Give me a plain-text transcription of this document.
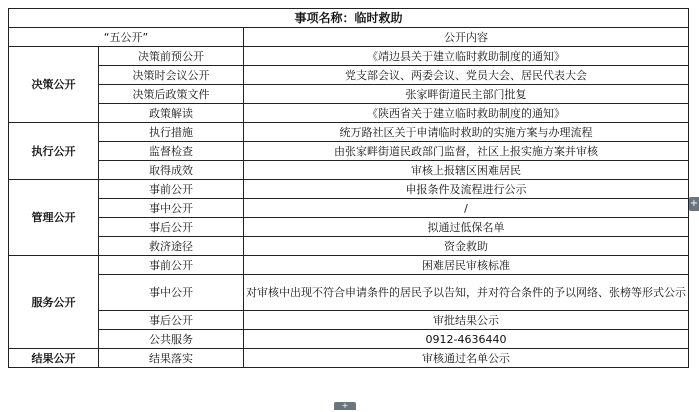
事项名称：临时救助		
“五公开”		公开内容
决策公开	决策前预公开	《靖边县关于建立临时救助制度的通知》
	决策时会议公开	党支部会议、两委会议、党员大会、居民代表大会
	决策后政策文件	张家畔街道民主部门批复
	政策解读	《陕西省关于建立临时救助制度的通知》
执行公开	执行措施	统万路社区关于申请临时救助的实施方案与办理流程
	监督检查	由张家畔街道民政部门监督，社区上报实施方案并审核
	取得成效	审核上报辖区困难居民
管理公开	事前公开	申报条件及流程进行公示
	事中公开	/
	事后公开	拟通过低保名单
	救济途径	资金救助
服务公开	事前公开	困难居民审核标准
	事中公开	对审核中出现不符合申请条件的居民予以告知，并对符合条件的予以网络、张榜等形式公示
	事后公开	审批结果公示
	公共服务	0912-4636440
结果公开	结果落实	审核通过名单公示
+
+
